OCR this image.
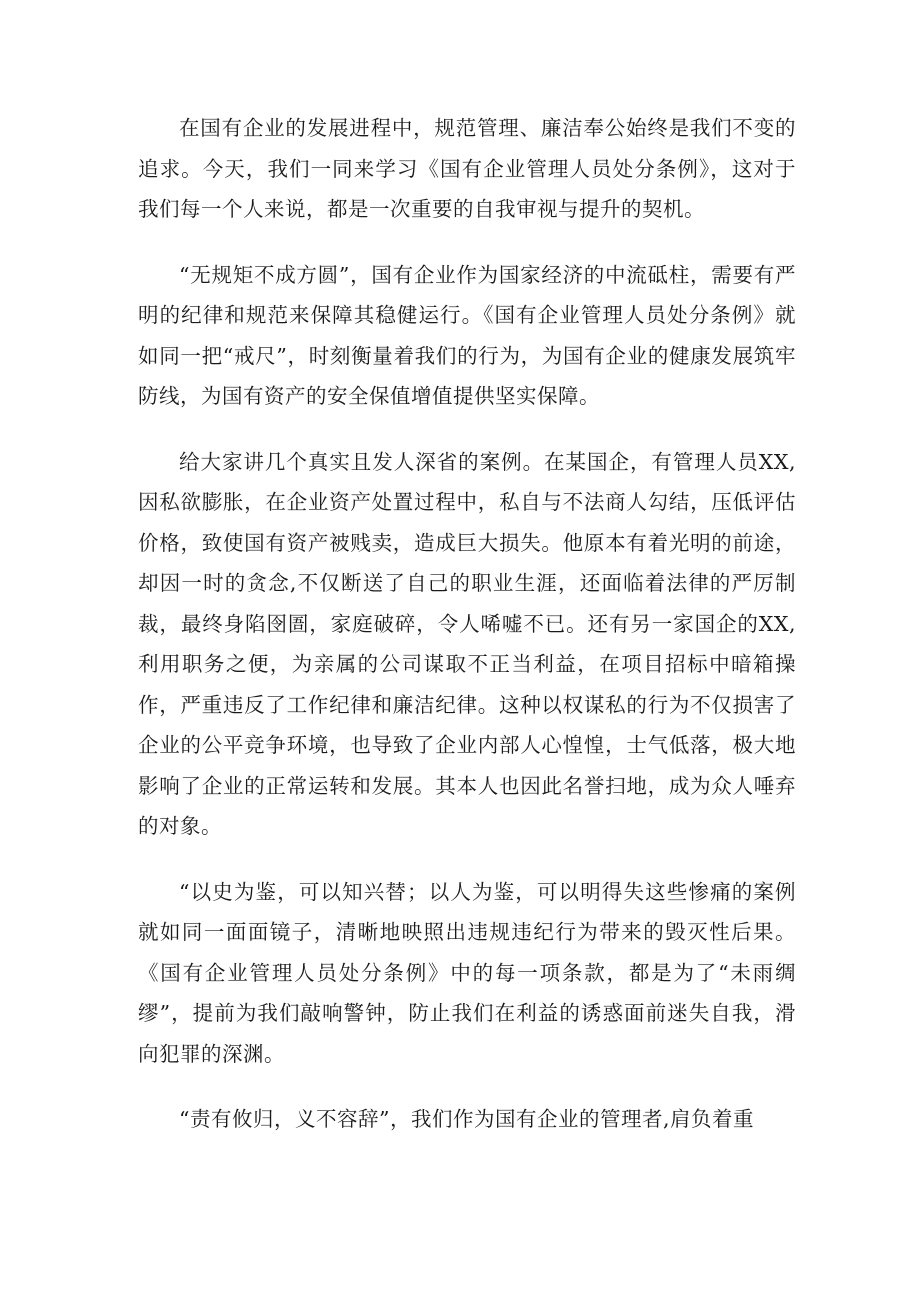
在国有企业的发展进程中，规范管理、廉洁奉公始终是我们不变的追求。今天，我们一同来学习《国有企业管理人员处分条例》，这对于我们每一个人来说，都是一次重要的自我审视与提升的契机。

“无规矩不成方圆”，国有企业作为国家经济的中流砥柱，需要有严明的纪律和规范来保障其稳健运行。《国有企业管理人员处分条例》就如同一把“戒尺”，时刻衡量着我们的行为，为国有企业的健康发展筑牢防线，为国有资产的安全保值增值提供坚实保障。

给大家讲几个真实且发人深省的案例。在某国企，有管理人员XX,因私欲膨胀，在企业资产处置过程中，私自与不法商人勾结，压低评估价格，致使国有资产被贱卖，造成巨大损失。他原本有着光明的前途，却因一时的贪念,不仅断送了自己的职业生涯，还面临着法律的严厉制裁，最终身陷囹圄，家庭破碎，令人唏嘘不已。还有另一家国企的XX,利用职务之便，为亲属的公司谋取不正当利益，在项目招标中暗箱操作，严重违反了工作纪律和廉洁纪律。这种以权谋私的行为不仅损害了企业的公平竞争环境，也导致了企业内部人心惶惶，士气低落，极大地影响了企业的正常运转和发展。其本人也因此名誉扫地，成为众人唾弃的对象。

“以史为鉴，可以知兴替；以人为鉴，可以明得失这些惨痛的案例就如同一面面镜子，清晰地映照出违规违纪行为带来的毁灭性后果。《国有企业管理人员处分条例》中的每一项条款，都是为了“未雨绸缪”，提前为我们敲响警钟，防止我们在利益的诱惑面前迷失自我，滑向犯罪的深渊。

“责有攸归，义不容辞”，我们作为国有企业的管理者,肩负着重
